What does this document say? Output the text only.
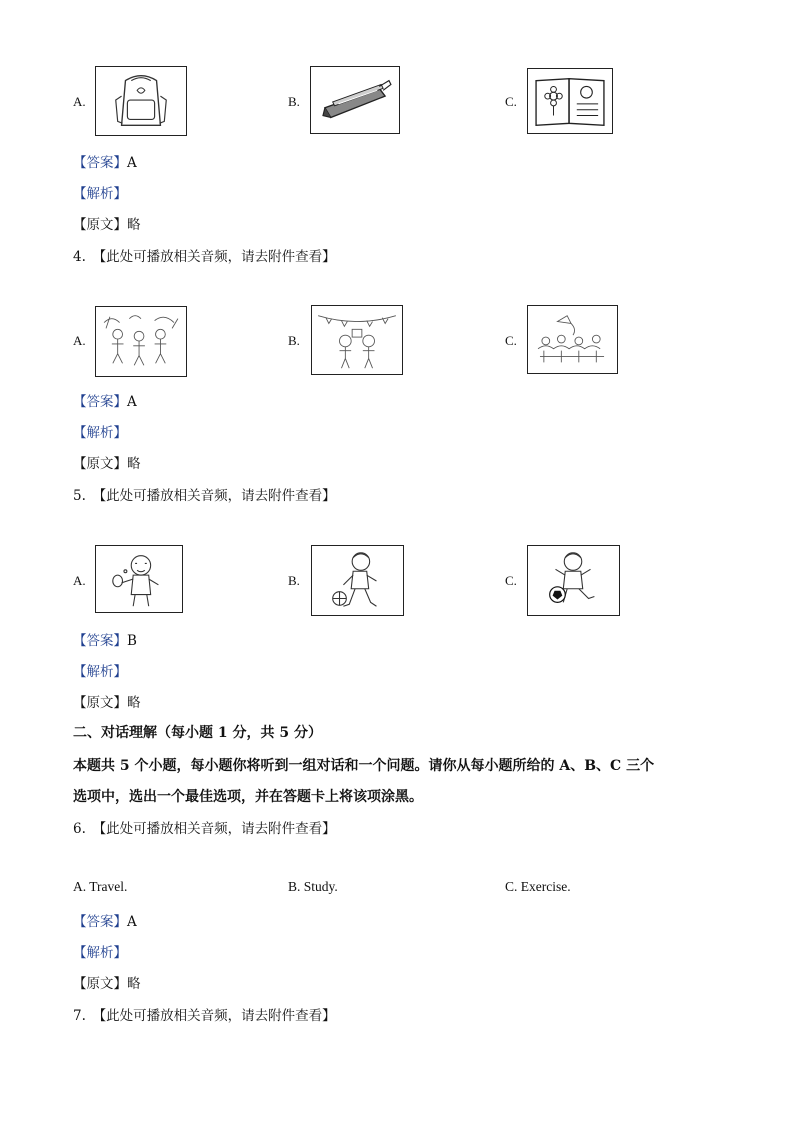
A.	B.	C.
【答案】A
【解析】
【原文】略
4.　【此处可播放相关音频，请去附件查看】
A.	B.	C.
【答案】A
【解析】
【原文】略
5.　【此处可播放相关音频，请去附件查看】
A.	B.	C.
【答案】B
【解析】
【原文】略
二、对话理解（每小题 1 分，共 5 分）
本题共 5 个小题，每小题你将听到一组对话和一个问题。请你从每小题所给的 A、B、C 三个
选项中，选出一个最佳选项，并在答题卡上将该项涂黑。
6.　【此处可播放相关音频，请去附件查看】
A. Travel.	B. Study.	C. Exercise.
【答案】A
【解析】
【原文】略
7.　【此处可播放相关音频，请去附件查看】
